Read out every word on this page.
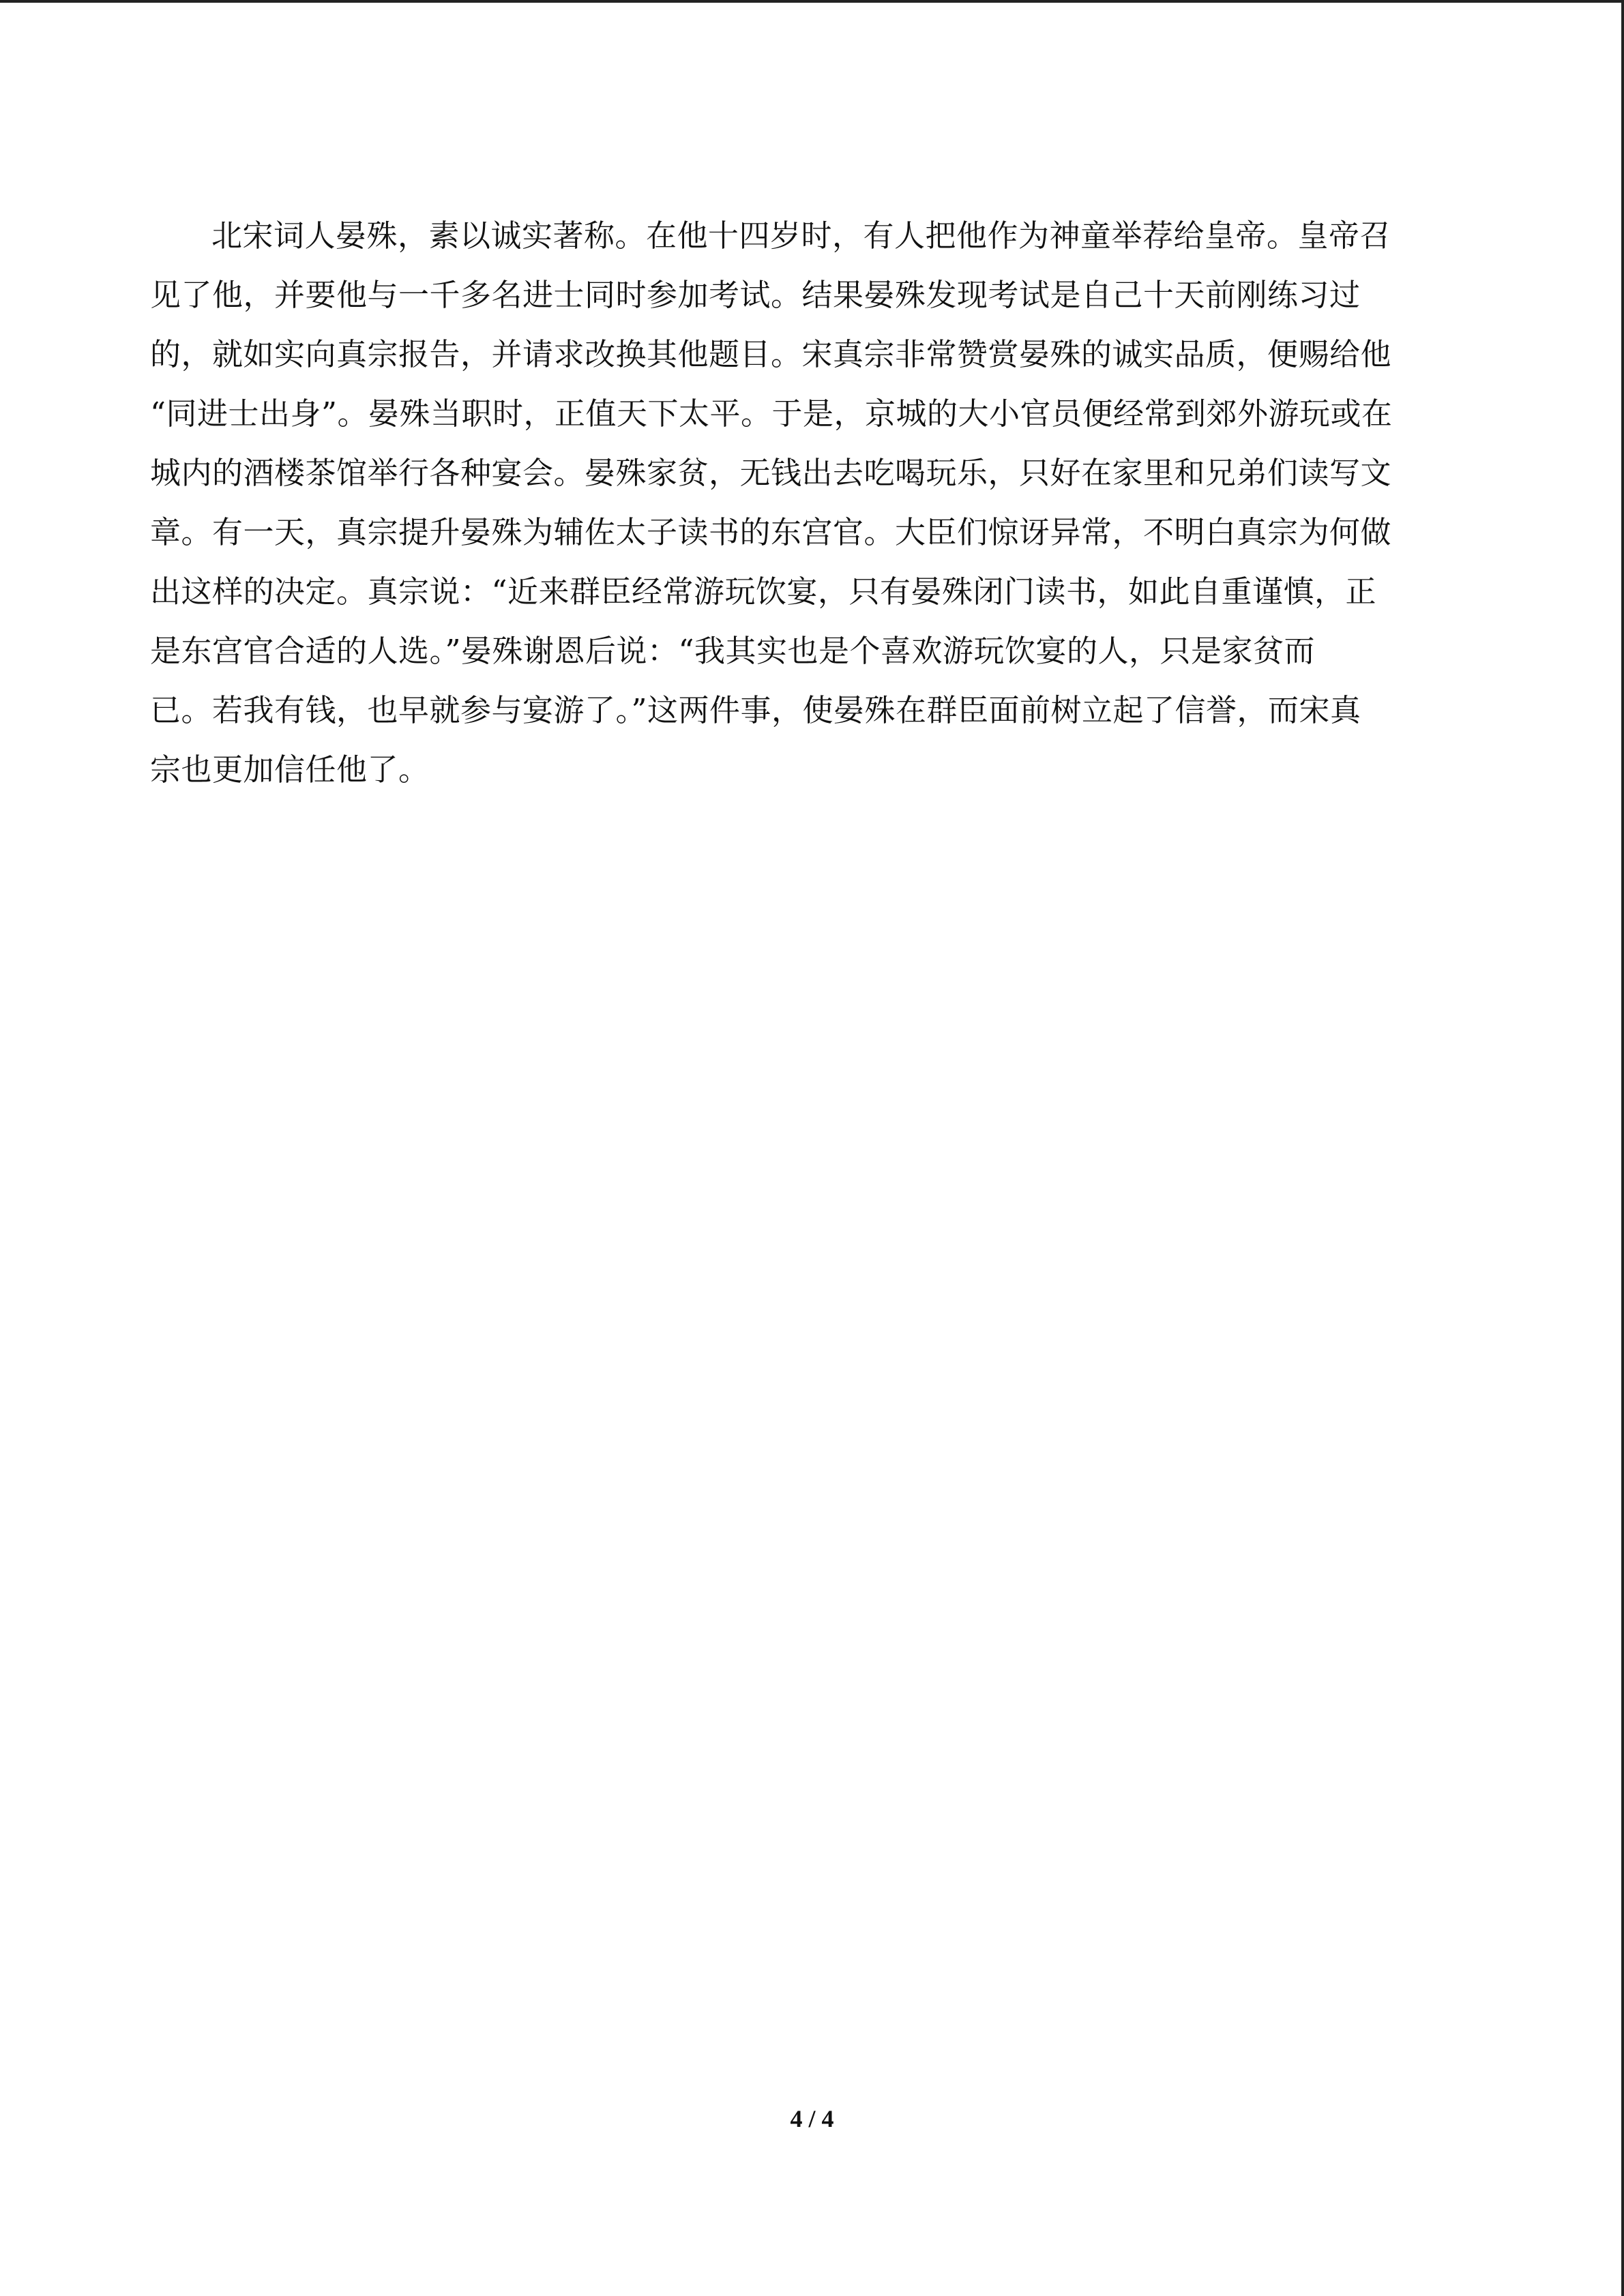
北宋词人晏殊，素以诚实著称。在他十四岁时，有人把他作为神童举荐给皇帝。皇帝召

见了他，并要他与一千多名进士同时参加考试。结果晏殊发现考试是自己十天前刚练习过

的，就如实向真宗报告，并请求改换其他题目。宋真宗非常赞赏晏殊的诚实品质，便赐给他

“同进士出身”。晏殊当职时，正值天下太平。于是，京城的大小官员便经常到郊外游玩或在

城内的酒楼茶馆举行各种宴会。晏殊家贫，无钱出去吃喝玩乐，只好在家里和兄弟们读写文

章。有一天，真宗提升晏殊为辅佐太子读书的东宫官。大臣们惊讶异常，不明白真宗为何做

出这样的决定。真宗说：“近来群臣经常游玩饮宴，只有晏殊闭门读书，如此自重谨慎，正

是东宫官合适的人选。”晏殊谢恩后说：“我其实也是个喜欢游玩饮宴的人，只是家贫而

已。若我有钱，也早就参与宴游了。”这两件事，使晏殊在群臣面前树立起了信誉，而宋真

宗也更加信任他了。

4 / 4
